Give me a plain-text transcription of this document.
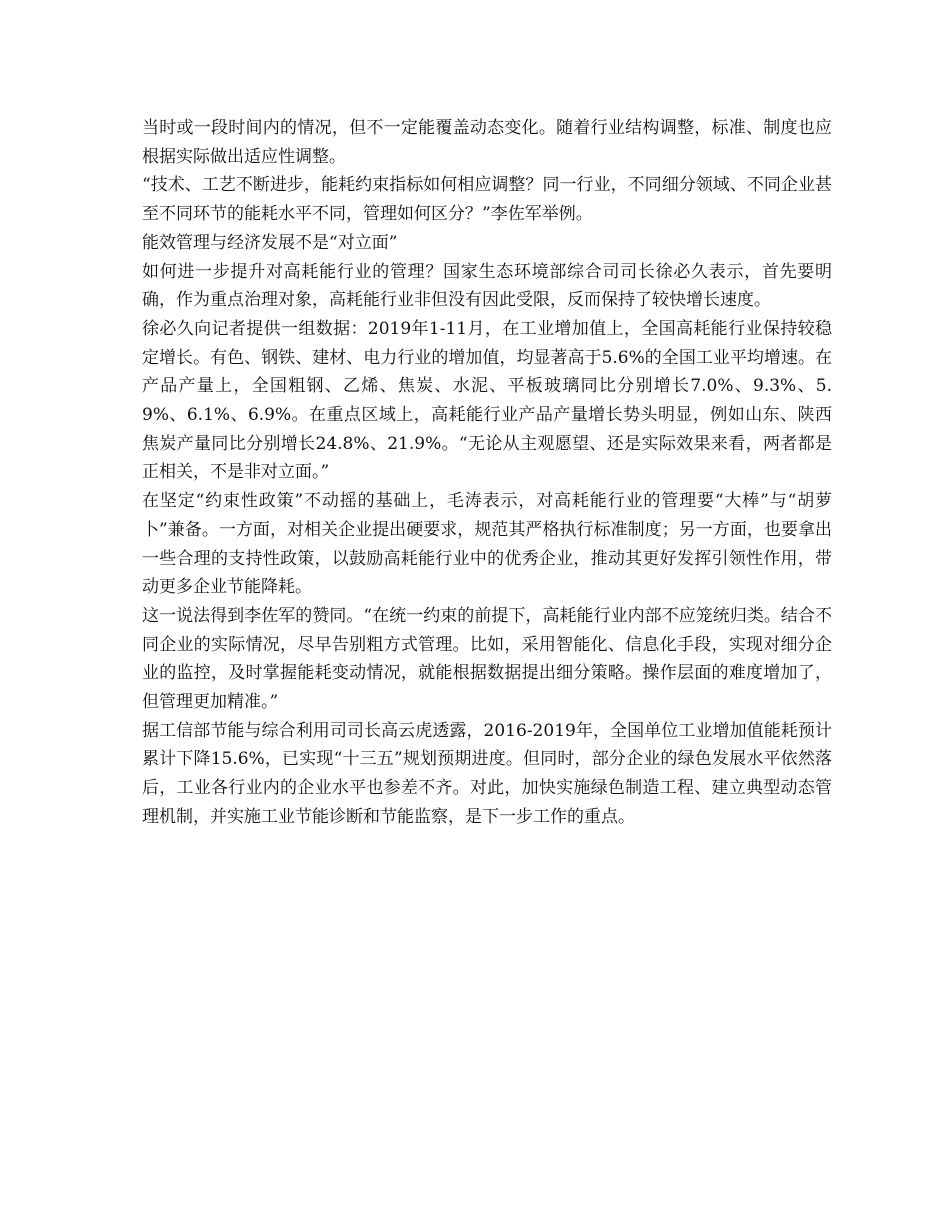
当时或一段时间内的情况，但不一定能覆盖动态变化。随着行业结构调整，标准、制度也应根据实际做出适应性调整。

“技术、工艺不断进步，能耗约束指标如何相应调整？同一行业，不同细分领域、不同企业甚至不同环节的能耗水平不同，管理如何区分？”李佐军举例。

能效管理与经济发展不是“对立面”

如何进一步提升对高耗能行业的管理？国家生态环境部综合司司长徐必久表示，首先要明确，作为重点治理对象，高耗能行业非但没有因此受限，反而保持了较快增长速度。

徐必久向记者提供一组数据：2019年1-11月，在工业增加值上，全国高耗能行业保持较稳定增长。有色、钢铁、建材、电力行业的增加值，均显著高于5.6%的全国工业平均增速。在产品产量上，全国粗钢、乙烯、焦炭、水泥、平板玻璃同比分别增长7.0%、9.3%、5.9%、6.1%、6.9%。在重点区域上，高耗能行业产品产量增长势头明显，例如山东、陕西焦炭产量同比分别增长24.8%、21.9%。“无论从主观愿望、还是实际效果来看，两者都是正相关，不是非对立面。”

在坚定“约束性政策”不动摇的基础上，毛涛表示，对高耗能行业的管理要“大棒”与“胡萝卜”兼备。一方面，对相关企业提出硬要求，规范其严格执行标准制度；另一方面，也要拿出一些合理的支持性政策，以鼓励高耗能行业中的优秀企业，推动其更好发挥引领性作用，带动更多企业节能降耗。

这一说法得到李佐军的赞同。“在统一约束的前提下，高耗能行业内部不应笼统归类。结合不同企业的实际情况，尽早告别粗方式管理。比如，采用智能化、信息化手段，实现对细分企业的监控，及时掌握能耗变动情况，就能根据数据提出细分策略。操作层面的难度增加了，但管理更加精准。”

据工信部节能与综合利用司司长高云虎透露，2016-2019年，全国单位工业增加值能耗预计累计下降15.6%，已实现“十三五”规划预期进度。但同时，部分企业的绿色发展水平依然落后，工业各行业内的企业水平也参差不齐。对此，加快实施绿色制造工程、建立典型动态管理机制，并实施工业节能诊断和节能监察，是下一步工作的重点。
